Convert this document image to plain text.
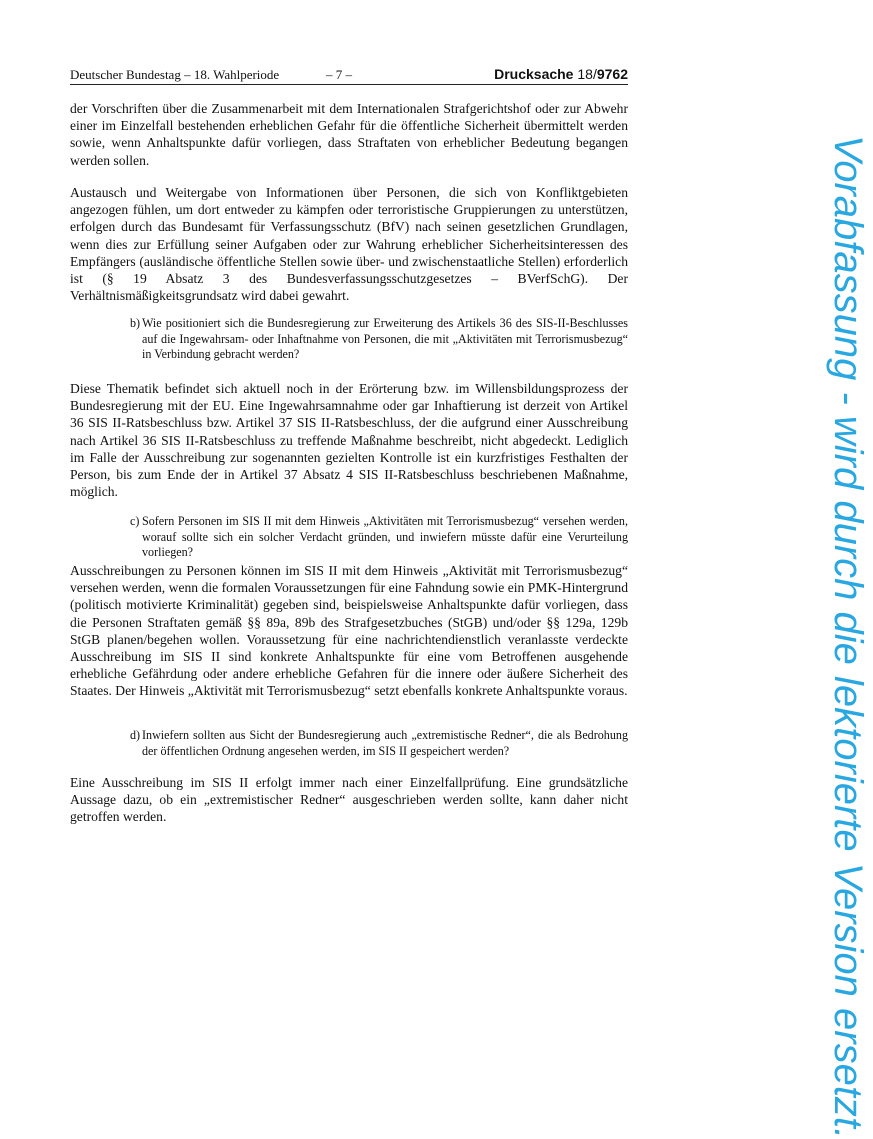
Deutscher Bundestag – 18. Wahlperiode	– 7 –	Drucksache 18/9762
der Vorschriften über die Zusammenarbeit mit dem Internationalen Strafgerichtshof oder zur Abwehr einer im Einzelfall bestehenden erheblichen Gefahr für die öffentliche Sicherheit übermittelt werden sowie, wenn Anhaltspunkte dafür vorliegen, dass Straftaten von erheblicher Bedeutung begangen werden sollen.
Austausch und Weitergabe von Informationen über Personen, die sich von Konfliktgebieten angezogen fühlen, um dort entweder zu kämpfen oder terroristische Gruppierungen zu unterstützen, erfolgen durch das Bundesamt für Verfassungsschutz (BfV) nach seinen gesetzlichen Grundlagen, wenn dies zur Erfüllung seiner Aufgaben oder zur Wahrung erheblicher Sicherheitsinteressen des Empfängers (ausländische öffentliche Stellen sowie über- und zwischenstaatliche Stellen) erforderlich ist (§ 19 Absatz 3 des Bundesverfassungsschutzgesetzes – BVerfSchG). Der Verhältnismäßigkeitsgrundsatz wird dabei gewahrt.
b) Wie positioniert sich die Bundesregierung zur Erweiterung des Artikels 36 des SIS-II-Beschlusses auf die Ingewahrsam- oder Inhaftnahme von Personen, die mit „Aktivitäten mit Terrorismusbezug“ in Verbindung gebracht werden?
Diese Thematik befindet sich aktuell noch in der Erörterung bzw. im Willensbildungsprozess der Bundesregierung mit der EU. Eine Ingewahrsamnahme oder gar Inhaftierung ist derzeit von Artikel 36 SIS II-Ratsbeschluss bzw. Artikel 37 SIS II-Ratsbeschluss, der die aufgrund einer Ausschreibung nach Artikel 36 SIS II-Ratsbeschluss zu treffende Maßnahme beschreibt, nicht abgedeckt. Lediglich im Falle der Ausschreibung zur sogenannten gezielten Kontrolle ist ein kurzfristiges Festhalten der Person, bis zum Ende der in Artikel 37 Absatz 4 SIS II-Ratsbeschluss beschriebenen Maßnahme, möglich.
c) Sofern Personen im SIS II mit dem Hinweis „Aktivitäten mit Terrorismusbezug“ versehen werden, worauf sollte sich ein solcher Verdacht gründen, und inwiefern müsste dafür eine Verurteilung vorliegen?
Ausschreibungen zu Personen können im SIS II mit dem Hinweis „Aktivität mit Terrorismusbezug“ versehen werden, wenn die formalen Voraussetzungen für eine Fahndung sowie ein PMK-Hintergrund (politisch motivierte Kriminalität) gegeben sind, beispielsweise Anhaltspunkte dafür vorliegen, dass die Personen Straftaten gemäß §§ 89a, 89b des Strafgesetzbuches (StGB) und/oder §§ 129a, 129b StGB planen/begehen wollen. Voraussetzung für eine nachrichtendienstlich veranlasste verdeckte Ausschreibung im SIS II sind konkrete Anhaltspunkte für eine vom Betroffenen ausgehende erhebliche Gefährdung oder andere erhebliche Gefahren für die innere oder äußere Sicherheit des Staates. Der Hinweis „Aktivität mit Terrorismusbezug“ setzt ebenfalls konkrete Anhaltspunkte voraus.
d) Inwiefern sollten aus Sicht der Bundesregierung auch „extremistische Redner“, die als Bedrohung der öffentlichen Ordnung angesehen werden, im SIS II gespeichert werden?
Eine Ausschreibung im SIS II erfolgt immer nach einer Einzelfallprüfung. Eine grundsätzliche Aussage dazu, ob ein „extremistischer Redner“ ausgeschrieben werden sollte, kann daher nicht getroffen werden.	Vorabfassung - wird durch die lektorierte Version ersetzt.
